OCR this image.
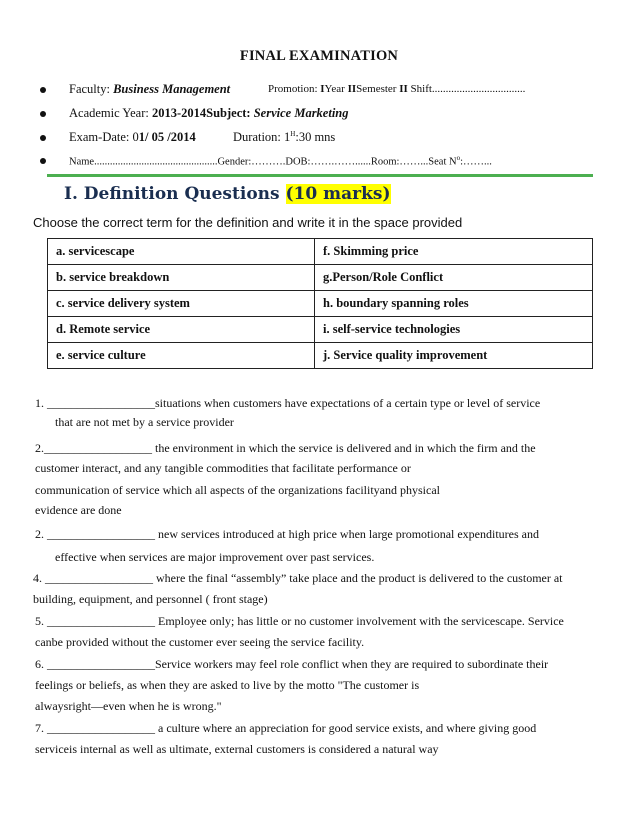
FINAL EXAMINATION
Faculty: Business Management	Promotion: IYear IISemester II Shift..................................
Academic Year: 2013-2014Subject: Service Marketing
Exam-Date: 01/ 05 /2014	Duration: $1^H:30$ mns
Name...............................................Gender:……….DOB:…….……......Room:……...Seat $N^o:\dots\dots$...
I. Definition Questions (10 marks)
Choose the correct term for the definition and write it in the space provided
a. servicescape	f. Skimming price
b. service breakdown	g.Person/Role Conflict
c. service delivery system	h. boundary spanning roles
d. Remote service	i. self-service technologies
e. service culture	j. Service quality improvement
1. __________________situations when customers have expectations of a certain type or level of service
that are not met by a service provider
2.__________________ the environment in which the service is delivered and in which the firm and the
customer interact, and any tangible commodities that facilitate performance or
communication of service which all aspects of the organizations facilityand physical
evidence are done
2. __________________ new services introduced at high price when large promotional expenditures and
effective when services are major improvement over past services.
4. __________________ where the final “assembly” take place and the product is delivered to the customer at
building, equipment, and personnel ( front stage)
5. __________________ Employee only; has little or no customer involvement with the servicescape. Service
canbe provided without the customer ever seeing the service facility.
6. __________________Service workers may feel role conflict when they are required to subordinate their
feelings or beliefs, as when they are asked to live by the motto "The customer is
alwaysright—even when he is wrong."
7. __________________ a culture where an appreciation for good service exists, and where giving good
serviceis internal as well as ultimate, external customers is considered a natural way
